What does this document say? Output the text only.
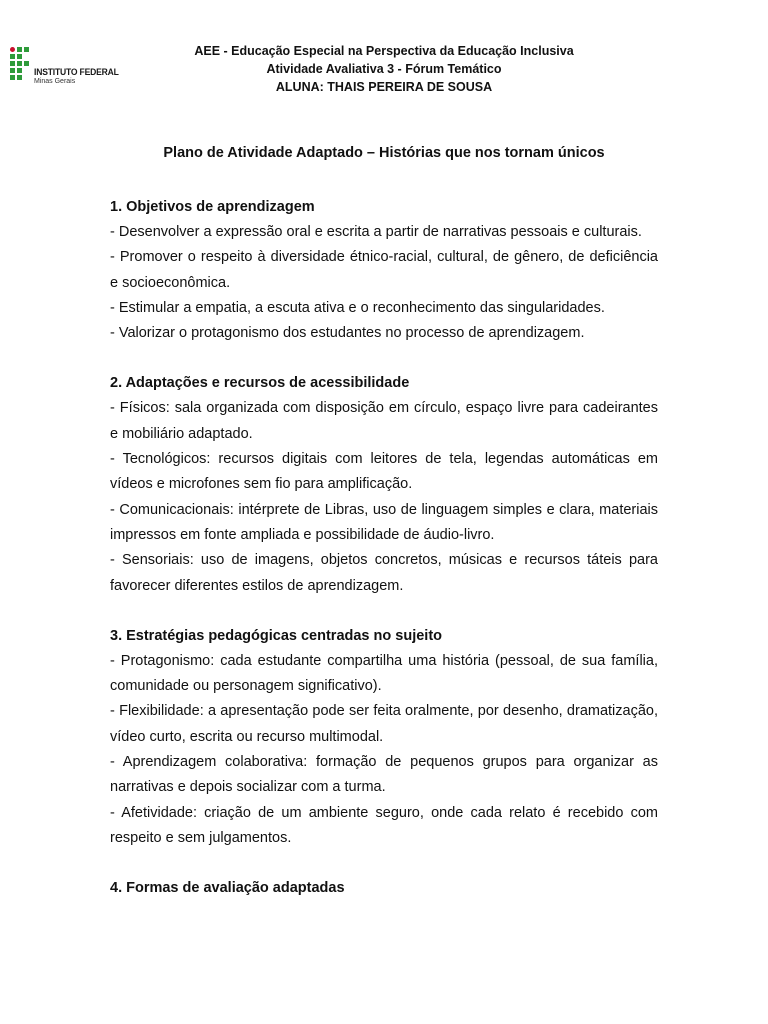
INSTITUTO FEDERAL
Minas Gerais
AEE - Educação Especial na Perspectiva da Educação Inclusiva
Atividade Avaliativa 3 - Fórum Temático
ALUNA: THAIS PEREIRA DE SOUSA
Plano de Atividade Adaptado – Histórias que nos tornam únicos
1. Objetivos de aprendizagem

- Desenvolver a expressão oral e escrita a partir de narrativas pessoais e culturais.

- Promover o respeito à diversidade étnico-racial, cultural, de gênero, de deficiência e socioeconômica.

- Estimular a empatia, a escuta ativa e o reconhecimento das singularidades.

- Valorizar o protagonismo dos estudantes no processo de aprendizagem.

2. Adaptações e recursos de acessibilidade

- Físicos: sala organizada com disposição em círculo, espaço livre para cadeirantes e mobiliário adaptado.

- Tecnológicos: recursos digitais com leitores de tela, legendas automáticas em vídeos e microfones sem fio para amplificação.

- Comunicacionais: intérprete de Libras, uso de linguagem simples e clara, materiais impressos em fonte ampliada e possibilidade de áudio-livro.

- Sensoriais: uso de imagens, objetos concretos, músicas e recursos táteis para favorecer diferentes estilos de aprendizagem.

3. Estratégias pedagógicas centradas no sujeito

- Protagonismo: cada estudante compartilha uma história (pessoal, de sua família, comunidade ou personagem significativo).

- Flexibilidade: a apresentação pode ser feita oralmente, por desenho, dramatização, vídeo curto, escrita ou recurso multimodal.

- Aprendizagem colaborativa: formação de pequenos grupos para organizar as narrativas e depois socializar com a turma.

- Afetividade: criação de um ambiente seguro, onde cada relato é recebido com respeito e sem julgamentos.

4. Formas de avaliação adaptadas
